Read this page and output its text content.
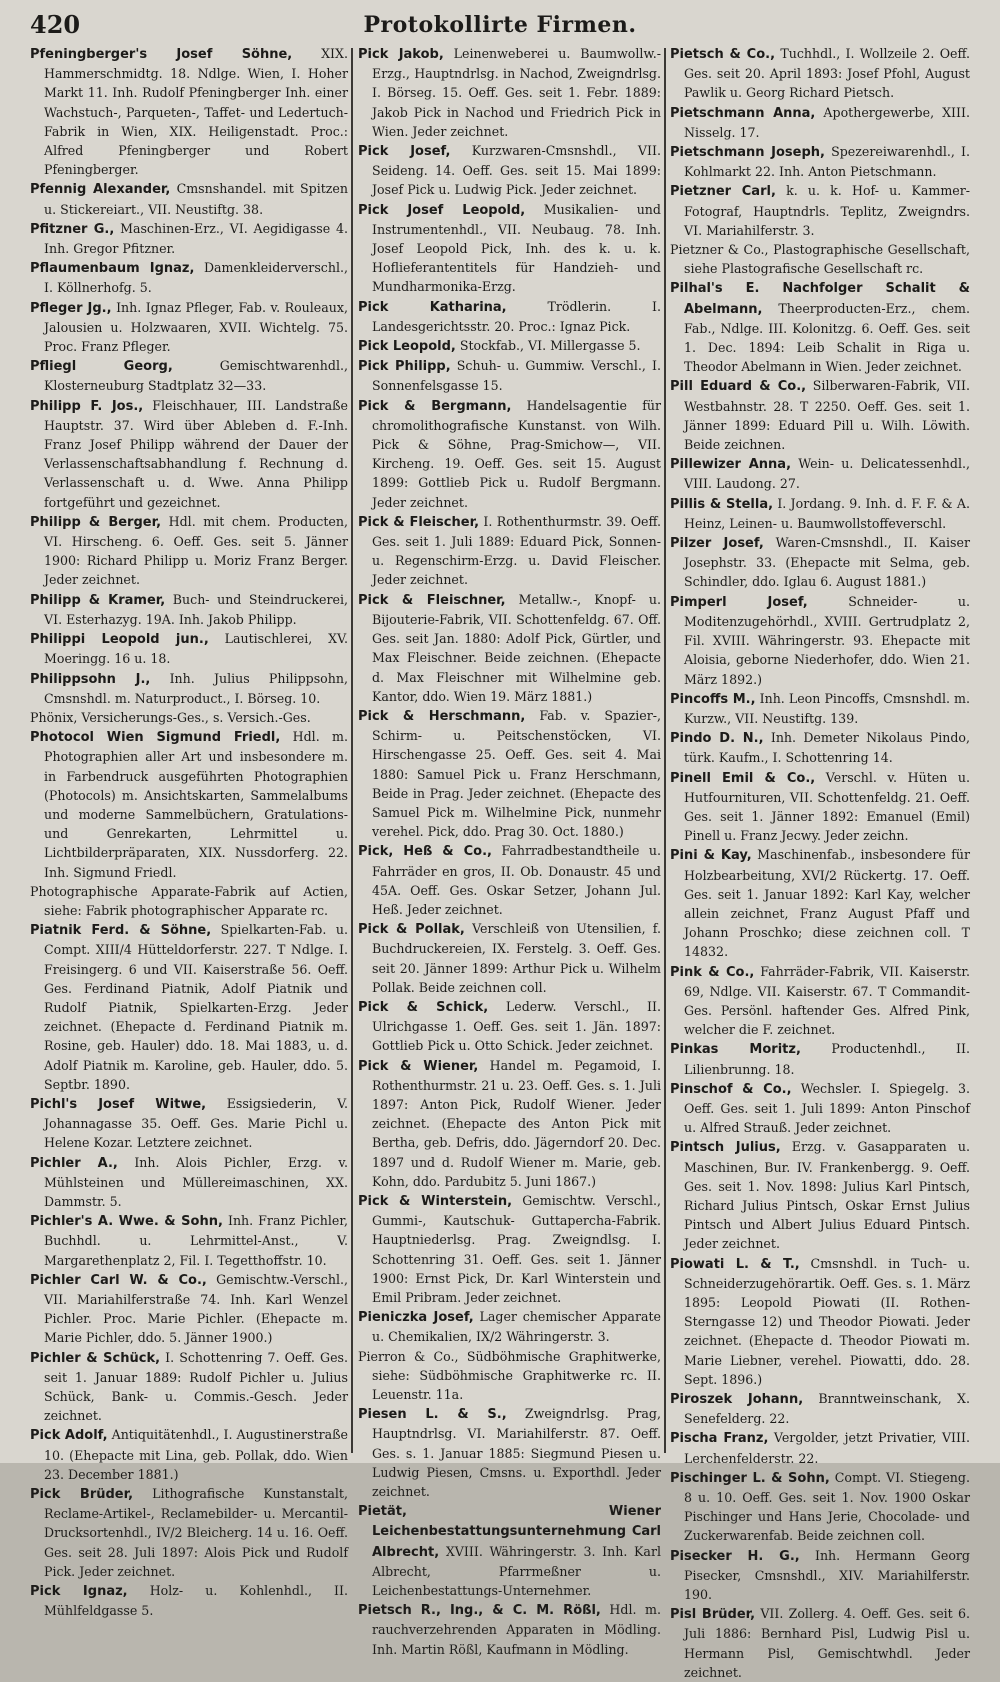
420	Protokollirte Firmen.

Pfeningberger's Josef Söhne, XIX. Hammerschmidtg. 18. Ndlge. Wien, I. Hoher Markt 11. Inh. Rudolf Pfeningberger Inh. einer Wachstuch-, Parqueten-, Taffet- und Ledertuch-Fabrik in Wien, XIX. Heiligenstadt. Proc.: Alfred Pfeningberger und Robert Pfeningberger.

Pfennig Alexander, Cmsnshandel. mit Spitzen u. Stickereiart., VII. Neustiftg. 38.

Pfitzner G., Maschinen-Erz., VI. Aegidigasse 4. Inh. Gregor Pfitzner.

Pflaumenbaum Ignaz, Damenkleiderverschl., I. Köllnerhofg. 5.

Pfleger Jg., Inh. Ignaz Pfleger, Fab. v. Rouleaux, Jalousien u. Holzwaaren, XVII. Wichtelg. 75. Proc. Franz Pfleger.

Pfliegl Georg,	Gemischtwarenhdl., Klosterneuburg Stadtplatz 32—33.

Philipp F. Jos., Fleischhauer, III. Landstraße Hauptstr. 37. Wird über Ableben d. F.-Inh. Franz Josef Philipp während der Dauer der Verlassenschaftsabhandlung f. Rechnung d. Verlassenschaft u. d. Wwe. Anna Philipp fortgeführt und gezeichnet.

Philipp & Berger, Hdl. mit chem. Producten, VI. Hirscheng. 6. Oeff. Ges. seit 5. Jänner 1900: Richard Philipp u. Moriz Franz Berger. Jeder zeichnet.

Philipp & Kramer, Buch- und Steindruckerei, VI. Esterhazyg. 19A. Inh. Jakob Philipp.

Philippi Leopold jun., Lautischlerei, XV. Moeringg. 16 u. 18.

Philippsohn J., Inh. Julius Philippsohn, Cmsnshdl. m. Naturproduct., I. Börseg. 10.

Phönix, Versicherungs-Ges., s. Versich.-Ges.

Photocol Wien Sigmund Friedl, Hdl. m. Photographien aller Art und insbesondere m. in Farbendruck ausgeführten Photographien (Photocols) m. Ansichtskarten, Sammelalbums und moderne Sammelbüchern, Gratulations- und Genrekarten, Lehrmittel u. Lichtbilderpräparaten, XIX. Nussdorferg. 22. Inh. Sigmund Friedl.

Photographische Apparate-Fabrik auf Actien, siehe: Fabrik photographischer Apparate rc.

Piatnik Ferd. & Söhne, Spielkarten-Fab. u. Compt. XIII/4 Hütteldorferstr. 227. T Ndlge. I. Freisingerg. 6 und VII. Kaiserstraße 56. Oeff. Ges. Ferdinand Piatnik, Adolf Piatnik und Rudolf Piatnik, Spielkarten-Erzg. Jeder zeichnet. (Ehepacte d. Ferdinand Piatnik m. Rosine, geb. Hauler) ddo. 18. Mai 1883, u. d. Adolf Piatnik m. Karoline, geb. Hauler, ddo. 5. Septbr. 1890.

Pichl's Josef Witwe, Essigsiederin, V. Johannagasse 35. Oeff. Ges. Marie Pichl u. Helene Kozar. Letztere zeichnet.

Pichler A., Inh. Alois Pichler, Erzg. v. Mühlsteinen und Müllereimaschinen, XX. Dammstr. 5.

Pichler's A. Wwe. & Sohn, Inh. Franz Pichler, Buchhdl. u. Lehrmittel-Anst., V. Margarethenplatz 2, Fil. I. Tegetthoffstr. 10.

Pichler Carl W. & Co., Gemischtw.-Verschl., VII. Mariahilferstraße 74. Inh. Karl Wenzel Pichler. Proc. Marie Pichler. (Ehepacte m. Marie Pichler, ddo. 5. Jänner 1900.)

Pichler & Schück, I. Schottenring 7. Oeff. Ges. seit 1. Januar 1889: Rudolf Pichler u. Julius Schück, Bank- u. Commis.-Gesch. Jeder zeichnet.

Pick Adolf, Antiquitätenhdl., I. Augustinerstraße 10. (Ehepacte mit Lina, geb. Pollak, ddo. Wien 23. December 1881.)

Pick Brüder, Lithografische Kunstanstalt, Reclame-Artikel-, Reclamebilder- u. Mercantil-Drucksortenhdl., IV/2 Bleicherg. 14 u. 16. Oeff. Ges. seit 28. Juli 1897: Alois Pick und Rudolf Pick. Jeder zeichnet.

Pick Ignaz, Holz- u. Kohlenhdl., II. Mühlfeldgasse 5.

Pick Jakob, Leinenweberei u. Baumwollw.-Erzg., Hauptndrlsg. in Nachod, Zweigndrlsg. I. Börseg. 15. Oeff. Ges. seit 1. Febr. 1889: Jakob Pick in Nachod und Friedrich Pick in Wien. Jeder zeichnet.

Pick Josef, Kurzwaren-Cmsnshdl., VII. Seideng. 14. Oeff. Ges. seit 15. Mai 1899: Josef Pick u. Ludwig Pick. Jeder zeichnet.

Pick Josef Leopold, Musikalien- und Instrumentenhdl., VII. Neubaug. 78. Inh. Josef Leopold Pick, Inh. des k. u. k. Hoflieferantentitels für Handzieh- und Mundharmonika-Erzg.

Pick Katharina,	Trödlerin. I. Landesgerichtsstr. 20. Proc.: Ignaz Pick.

Pick Leopold, Stockfab., VI. Millergasse 5.

Pick Philipp, Schuh- u. Gummiw. Verschl., I. Sonnenfelsgasse 15.

Pick & Bergmann, Handelsagentie für chromolithografische Kunstanst. von Wilh. Pick & Söhne, Prag-Smichow—, VII. Kircheng. 19. Oeff. Ges. seit 15. August 1899: Gottlieb Pick u. Rudolf Bergmann. Jeder zeichnet.

Pick & Fleischer, I. Rothenthurmstr. 39. Oeff. Ges. seit 1. Juli 1889: Eduard Pick, Sonnen- u. Regenschirm-Erzg. u. David Fleischer. Jeder zeichnet.

Pick & Fleischner, Metallw.-, Knopf- u. Bijouterie-Fabrik, VII. Schottenfeldg. 67. Off. Ges. seit Jan. 1880: Adolf Pick, Gürtler, und Max Fleischner. Beide zeichnen. (Ehepacte d. Max Fleischner mit Wilhelmine geb. Kantor, ddo. Wien 19. März 1881.)

Pick & Herschmann, Fab. v. Spazier-, Schirm- u. Peitschenstöcken, VI. Hirschengasse 25. Oeff. Ges. seit 4. Mai 1880: Samuel Pick u. Franz Herschmann, Beide in Prag. Jeder zeichnet. (Ehepacte des Samuel Pick m. Wilhelmine Pick, nunmehr verehel. Pick, ddo. Prag 30. Oct. 1880.)

Pick, Heß & Co., Fahrradbestandtheile u. Fahrräder en gros, II. Ob. Donaustr. 45 und 45A. Oeff. Ges. Oskar Setzer, Johann Jul. Heß. Jeder zeichnet.

Pick & Pollak, Verschleiß von Utensilien, f. Buchdruckereien, IX. Ferstelg. 3. Oeff. Ges. seit 20. Jänner 1899: Arthur Pick u. Wilhelm Pollak. Beide zeichnen coll.

Pick & Schick, Lederw. Verschl., II. Ulrichgasse 1. Oeff. Ges. seit 1. Jän. 1897: Gottlieb Pick u. Otto Schick. Jeder zeichnet.

Pick & Wiener, Handel m. Pegamoid, I. Rothenthurmstr. 21 u. 23. Oeff. Ges. s. 1. Juli 1897: Anton Pick, Rudolf Wiener. Jeder zeichnet. (Ehepacte des Anton Pick mit Bertha, geb. Defris, ddo. Jägerndorf 20. Dec. 1897 und d. Rudolf Wiener m. Marie, geb. Kohn, ddo. Pardubitz 5. Juni 1867.)

Pick & Winterstein, Gemischtw. Verschl., Gummi-, Kautschuk- Guttapercha-Fabrik. Hauptniederlsg. Prag. Zweigndlsg. I. Schottenring 31. Oeff. Ges. seit 1. Jänner 1900: Ernst Pick, Dr. Karl Winterstein und Emil Pribram. Jeder zeichnet.

Pieniczka Josef, Lager chemischer Apparate u. Chemikalien, IX/2 Währingerstr. 3.

Pierron & Co., Südböhmische Graphitwerke, siehe: Südböhmische Graphitwerke rc. II. Leuenstr. 11a.

Piesen L. & S., Zweigndrlsg. Prag, Hauptndrlsg. VI. Mariahilferstr. 87. Oeff. Ges. s. 1. Januar 1885: Siegmund Piesen u. Ludwig Piesen, Cmsns. u. Exporthdl. Jeder zeichnet.

Pietät, Wiener Leichenbestattungsunternehmung Carl Albrecht, XVIII. Währingerstr. 3. Inh. Karl Albrecht, Pfarrmeßner u. Leichenbestattungs-Unternehmer.

Pietsch R., Ing., & C. M. Rößl, Hdl. m. rauchverzehrenden Apparaten in Mödling. Inh. Martin Rößl, Kaufmann in Mödling.

Pietsch & Co., Tuchhdl., I. Wollzeile 2. Oeff. Ges. seit 20. April 1893: Josef Pfohl, August Pawlik u. Georg Richard Pietsch.

Pietschmann Anna, Apothergewerbe, XIII. Nisselg. 17.

Pietschmann Joseph, Spezereiwarenhdl., I. Kohlmarkt 22. Inh. Anton Pietschmann.

Pietzner Carl, k. u. k. Hof- u. Kammer-Fotograf, Hauptndrls. Teplitz, Zweigndrs. VI. Mariahilferstr. 3.

Pietzner & Co., Plastographische Gesellschaft, siehe Plastografische Gesellschaft rc.

Pilhal's E. Nachfolger Schalit & Abelmann, Theerproducten-Erz., chem. Fab., Ndlge. III. Kolonitzg. 6. Oeff. Ges. seit 1. Dec. 1894: Leib Schalit in Riga u. Theodor Abelmann in Wien. Jeder zeichnet.

Pill Eduard & Co., Silberwaren-Fabrik, VII. Westbahnstr. 28. T 2250. Oeff. Ges. seit 1. Jänner 1899: Eduard Pill u. Wilh. Löwith. Beide zeichnen.

Pillewizer Anna, Wein- u. Delicatessenhdl., VIII. Laudong. 27.

Pillis & Stella, I. Jordang. 9. Inh. d. F. F. & A. Heinz, Leinen- u. Baumwollstoffeverschl.

Pilzer Josef, Waren-Cmsnshdl., II. Kaiser Josephstr. 33. (Ehepacte mit Selma, geb. Schindler, ddo. Iglau 6. August 1881.)

Pimperl Josef,	Schneider- u. Moditenzugehörhdl., XVIII. Gertrudplatz 2, Fil. XVIII. Währingerstr. 93. Ehepacte mit Aloisia, geborne Niederhofer, ddo. Wien 21. März 1892.)

Pincoffs M., Inh. Leon Pincoffs, Cmsnshdl. m. Kurzw., VII. Neustiftg. 139.

Pindo D. N., Inh. Demeter Nikolaus Pindo, türk. Kaufm., I. Schottenring 14.

Pinell Emil & Co., Verschl. v. Hüten u. Hutfournituren, VII. Schottenfeldg. 21. Oeff. Ges. seit 1. Jänner 1892: Emanuel (Emil) Pinell u. Franz Jecwy. Jeder zeichn.

Pini & Kay, Maschinenfab., insbesondere für Holzbearbeitung, XVI/2 Rückertg. 17. Oeff. Ges. seit 1. Januar 1892: Karl Kay, welcher allein zeichnet, Franz August Pfaff und Johann Proschko; diese zeichnen coll. T 14832.

Pink & Co., Fahrräder-Fabrik, VII. Kaiserstr. 69, Ndlge. VII. Kaiserstr. 67. T Commandit-Ges. Persönl. haftender Ges. Alfred Pink, welcher die F. zeichnet.

Pinkas Moritz, Productenhdl., II. Lilienbrunng. 18.

Pinschof & Co., Wechsler. I. Spiegelg. 3. Oeff. Ges. seit 1. Juli 1899: Anton Pinschof u. Alfred Strauß. Jeder zeichnet.

Pintsch Julius, Erzg. v. Gasapparaten u. Maschinen, Bur. IV. Frankenbergg. 9. Oeff. Ges. seit 1. Nov. 1898: Julius Karl Pintsch, Richard Julius Pintsch, Oskar Ernst Julius Pintsch und Albert Julius Eduard Pintsch. Jeder zeichnet.

Piowati L. & T., Cmsnshdl. in Tuch- u. Schneiderzugehörartik. Oeff. Ges. s. 1. März 1895: Leopold Piowati (II. Rothen-Sterngasse 12) und Theodor Piowati. Jeder zeichnet. (Ehepacte d. Theodor Piowati m. Marie Liebner, verehel. Piowatti, ddo. 28. Sept. 1896.)

Piroszek Johann, Branntweinschank, X. Senefelderg. 22.

Pischa Franz, Vergolder, jetzt Privatier, VIII. Lerchenfelderstr. 22.

Pischinger L. & Sohn, Compt. VI. Stiegeng. 8 u. 10. Oeff. Ges. seit 1. Nov. 1900 Oskar Pischinger und Hans Jerie, Chocolade- und Zuckerwarenfab. Beide zeichnen coll.

Pisecker H. G., Inh. Hermann Georg Pisecker, Cmsnshdl., XIV. Mariahilferstr. 190.

Pisl Brüder, VII. Zollerg. 4. Oeff. Ges. seit 6. Juli 1886: Bernhard Pisl, Ludwig Pisl u. Hermann Pisl, Gemischtwhdl. Jeder zeichnet.
